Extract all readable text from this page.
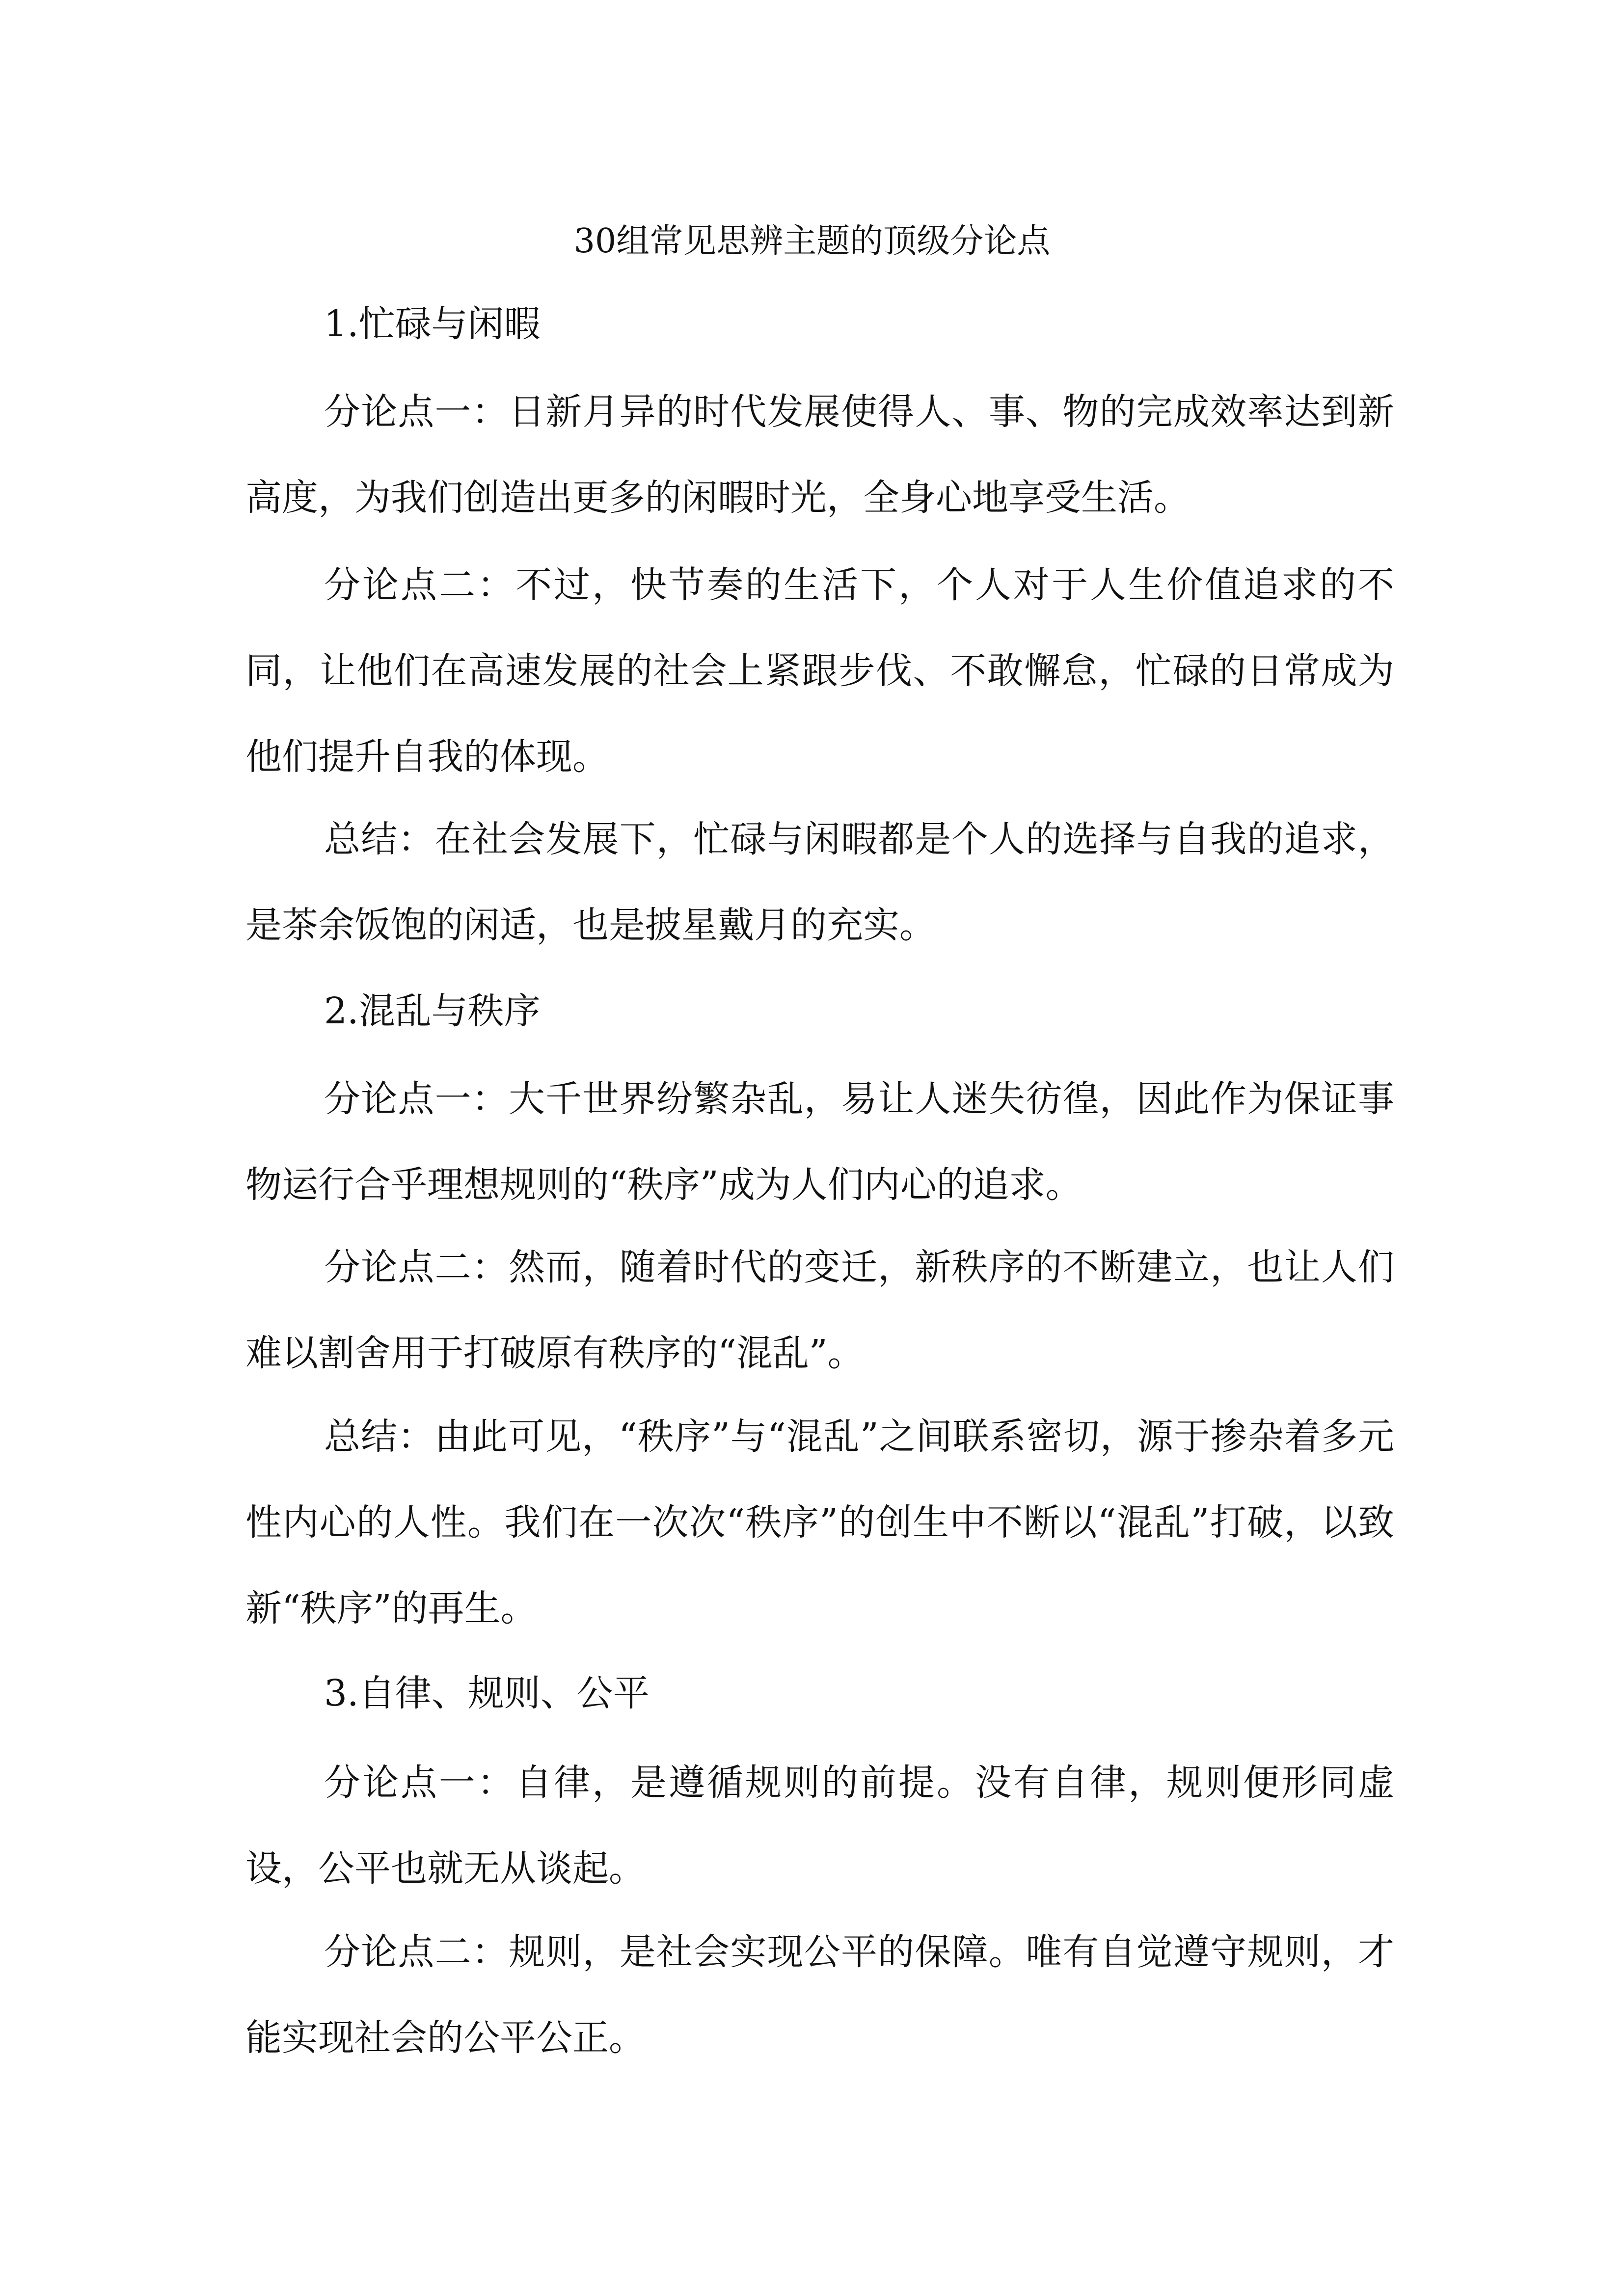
30组常见思辨主题的顶级分论点
1.忙碌与闲暇

分论点一：日新月异的时代发展使得人、事、物的完成效率达到新高度，为我们创造出更多的闲暇时光，全身心地享受生活。

分论点二：不过，快节奏的生活下，个人对于人生价值追求的不同，让他们在高速发展的社会上紧跟步伐、不敢懈怠，忙碌的日常成为他们提升自我的体现。

总结：在社会发展下，忙碌与闲暇都是个人的选择与自我的追求，是茶余饭饱的闲适，也是披星戴月的充实。

2.混乱与秩序

分论点一：大千世界纷繁杂乱，易让人迷失彷徨，因此作为保证事物运行合乎理想规则的“秩序”成为人们内心的追求。

分论点二：然而，随着时代的变迁，新秩序的不断建立，也让人们难以割舍用于打破原有秩序的“混乱”。

总结：由此可见，“秩序”与“混乱”之间联系密切，源于掺杂着多元性内心的人性。我们在一次次“秩序”的创生中不断以“混乱”打破，以致新“秩序”的再生。

3.自律、规则、公平

分论点一：自律，是遵循规则的前提。没有自律，规则便形同虚设，公平也就无从谈起。

分论点二：规则，是社会实现公平的保障。唯有自觉遵守规则，才能实现社会的公平公正。
